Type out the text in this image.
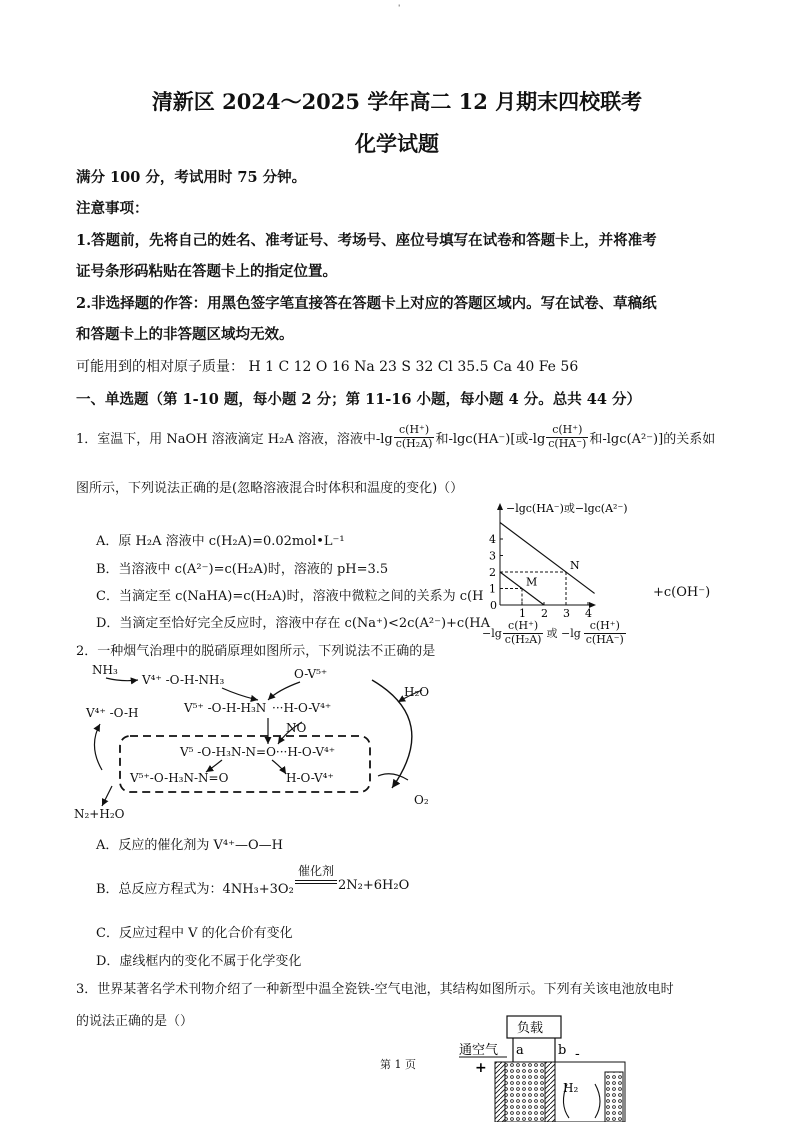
ˈ
清新区 2024～2025 学年高二 12 月期末四校联考
化学试题
满分 100 分，考试用时 75 分钟。
注意事项：
1.答题前，先将自己的姓名、准考证号、考场号、座位号填写在试卷和答题卡上，并将准考
证号条形码粘贴在答题卡上的指定位置。
2.非选择题的作答：用黑色签字笔直接答在答题卡上对应的答题区域内。写在试卷、草稿纸
和答题卡上的非答题区域均无效。
可能用到的相对原子质量： H 1 C 12 O 16 Na 23 S 32 Cl 35.5 Ca 40 Fe 56
一、单选题（第 1-10 题，每小题 2 分；第 11-16 小题，每小题 4 分。总共 44 分）
1．室温下，用 NaOH 溶液滴定 H₂A 溶液，溶液中$-\lg \frac{c(H^+)}{\text{c(H₂A)}}$ 和-lgc(HA⁻)[或$-\lg \frac{c(H^+)}{c(HA^-)}$ 和-lgc(A²⁻)]的关系如
图所示，下列说法正确的是(忽略溶液混合时体积和温度的变化)（）
A．原 H₂A 溶液中 c(H₂A)=0.02mol•L⁻¹
B．当溶液中 c(A²⁻)=c(H₂A)时，溶液的 pH=3.5
C．当滴定至 c(NaHA)=c(H₂A)时，溶液中微粒之间的关系为 c(H
D．当滴定至恰好完全反应时，溶液中存在 c(Na⁺)<2c(A²⁻)+c(HA
−lgc(HA⁻)或−lgc(A²⁻)
1 2 3 4
1
2
3
4
M
N
0
+c(OH⁻)
$-\lg \frac{c(H^+)}{\text{c(H₂A)}}$ 或 $-\lg \frac{c(H^+)}{c(HA^-)}$
2．一种烟气治理中的脱硝原理如图所示，下列说法不正确的是
NH₃
V⁴⁺ -O-H-NH₃	O-V⁵⁺
V⁴⁺ -O-H	V⁵⁺ -O-H-H₃N ···H-O-V⁴⁺
NO
H₂O
V⁵ -O-H₃N-N=O···H-O-V⁴⁺
V⁵⁺-O-H₃N-N=O	H-O-V⁴⁺
O₂
N₂+H₂O
A．反应的催化剂为 V⁴⁺—O—H
B．总反应方程式为：4NH₃+3O₂
催化剂
2N₂+6H₂O
C．反应过程中 V 的化合价有变化
D．虚线框内的变化不属于化学变化
3．世界某著名学术刊物介绍了一种新型中温全瓷铁-空气电池，其结构如图所示。下列有关该电池放电时
的说法正确的是（）	负载
通空气 a	b
+
-
H₂
第 1 页
